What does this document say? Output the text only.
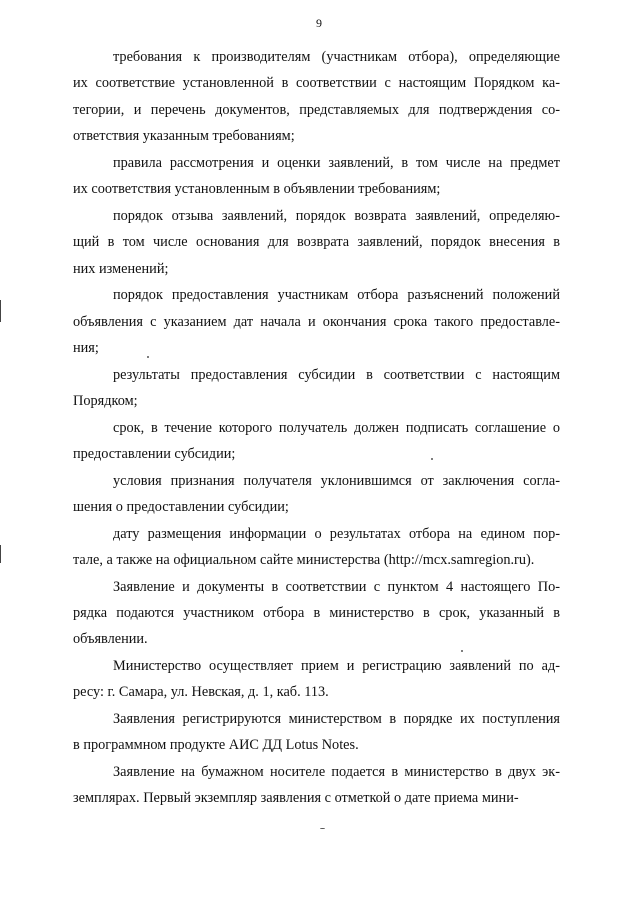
9
требования к производителям (участникам отбора), определяющие
их соответствие установленной в соответствии с настоящим Порядком ка-
тегории, и перечень документов, представляемых для подтверждения со-
ответствия указанным требованиям;
правила рассмотрения и оценки заявлений, в том числе на предмет
их соответствия установленным в объявлении требованиям;
порядок отзыва заявлений, порядок возврата заявлений, определяю-
щий в том числе основания для возврата заявлений, порядок внесения в
них изменений;
порядок предоставления участникам отбора разъяснений положений
объявления с указанием дат начала и окончания срока такого предоставле-
ния;
результаты предоставления субсидии в соответствии с настоящим
Порядком;
срок, в течение которого получатель должен подписать соглашение о
предоставлении субсидии;
условия признания получателя уклонившимся от заключения согла-
шения о предоставлении субсидии;
дату размещения информации о результатах отбора на едином пор-
тале, а также на официальном сайте министерства (http://mcx.samregion.ru).
Заявление и документы в соответствии с пунктом 4 настоящего По-
рядка подаются участником отбора в министерство в срок, указанный в
объявлении.
Министерство осуществляет прием и регистрацию заявлений по ад-
ресу: г. Самара, ул. Невская, д. 1, каб. 113.
Заявления регистрируются министерством в порядке их поступления
в программном продукте АИС ДД Lotus Notes.
Заявление на бумажном носителе подается в министерство в двух эк-
земплярах. Первый экземпляр заявления с отметкой о дате приема мини-
